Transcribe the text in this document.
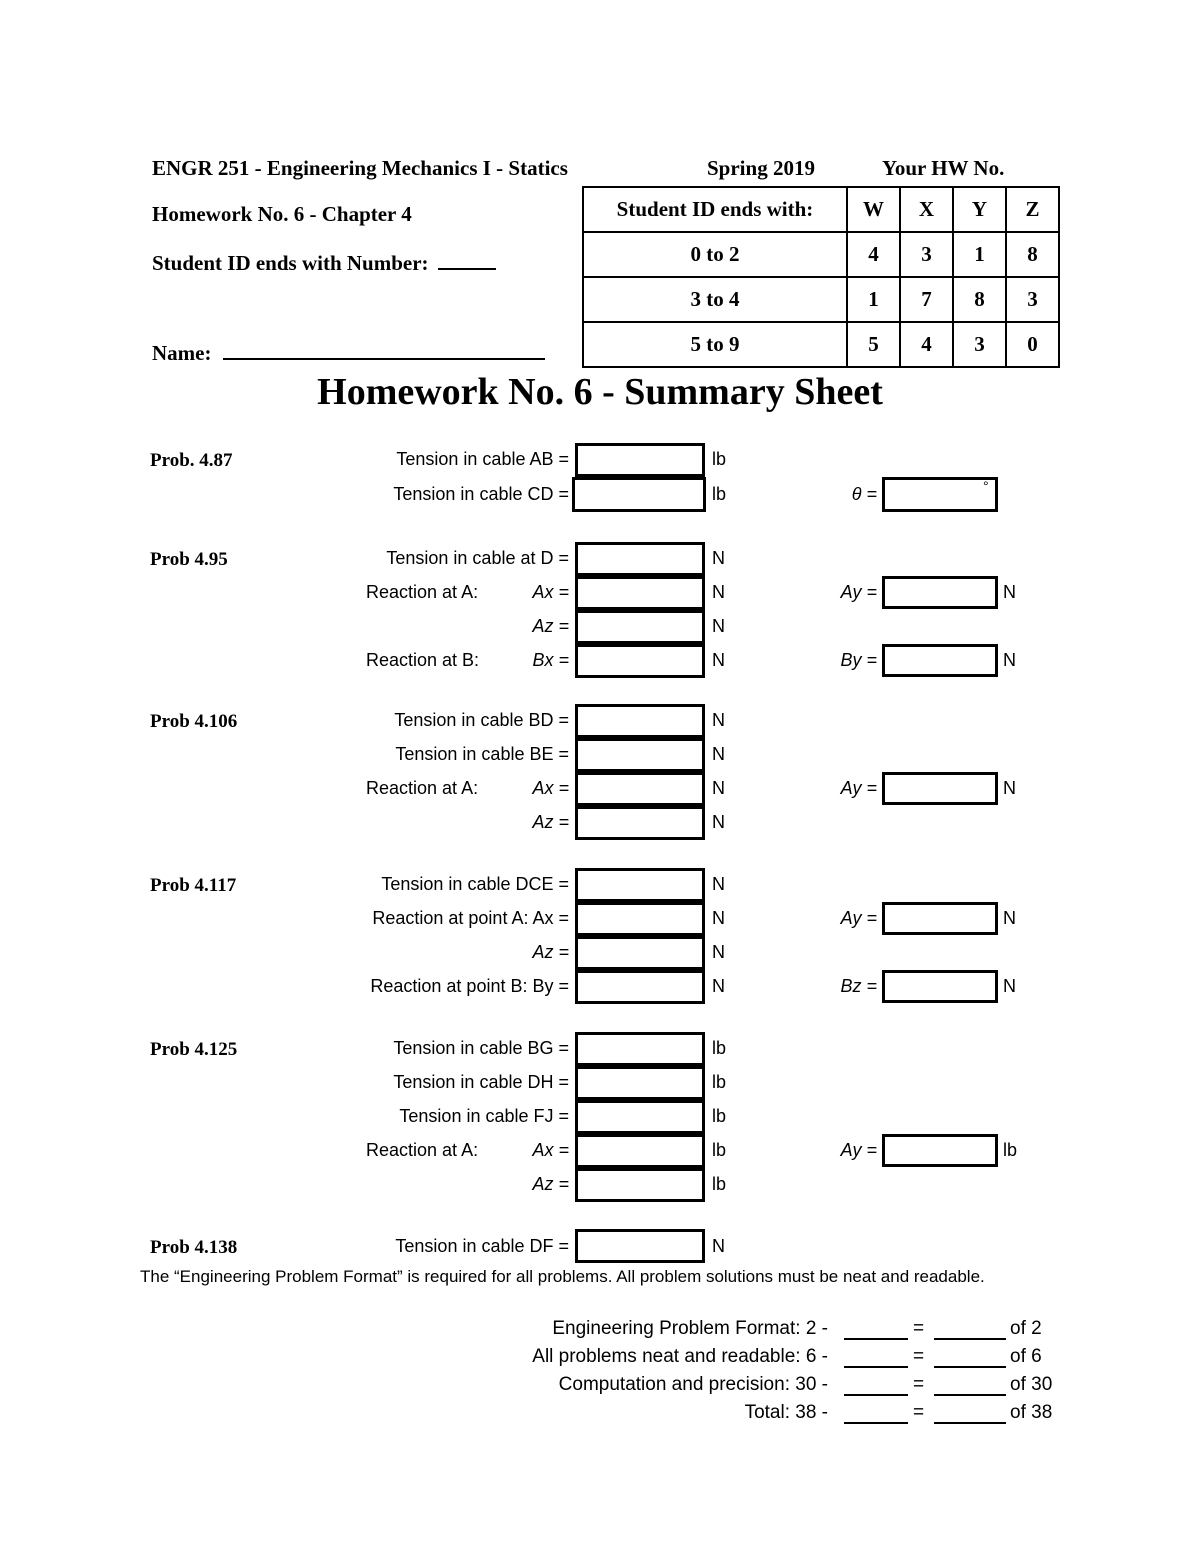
ENGR 251 - Engineering Mechanics I - Statics	Spring 2019	Your HW No.
Homework No. 6 - Chapter 4
Student ID ends with Number:
Name:
Student ID ends with:	W	X	Y	Z
0 to 2	4	3	1	8
3 to 4	1	7	8	3
5 to 9	5	4	3	0
Homework No. 6 - Summary Sheet
Prob. 4.87	Tension in cable AB =	lb
Tension in cable CD =	lb	θ =	°
Prob 4.95	Tension in cable at D =	N
Reaction at A:	Ax =	N	Ay =	N
Az =	N
Reaction at B:	Bx =	N	By =	N
Prob 4.106	Tension in cable BD =	N
Tension in cable BE =	N
Reaction at A:	Ax =	N	Ay =	N
Az =	N
Prob 4.117	Tension in cable DCE =	N
Reaction at point A: Ax =	N	Ay =	N
Az =	N
Reaction at point B: By =	N	Bz =	N
Prob 4.125	Tension in cable BG =	lb
Tension in cable DH =	lb
Tension in cable FJ =	lb
Reaction at A:	Ax =	lb	Ay =	lb
Az =	lb
Prob 4.138	Tension in cable DF =	N
The “Engineering Problem Format” is required for all problems. All problem solutions must be neat and readable.
Engineering Problem Format: 2 -	=	of 2
All problems neat and readable: 6 -	=	of 6
Computation and precision: 30 -	=	of 30
Total: 38 -	=	of 38
